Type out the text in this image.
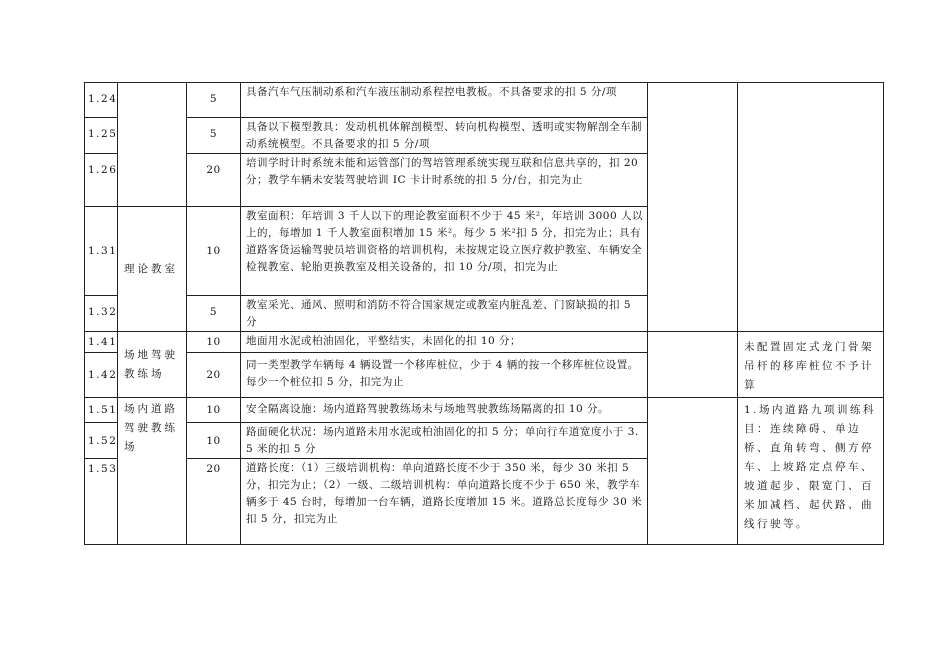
1.24		5	具备汽车气压制动系和汽车液压制动系程控电教板。不具备要求的扣 5 分/项		
1.25		5	具备以下模型教具：发动机机体解剖模型、转向机构模型、透明或实物解剖全车制动系统模型。不具备要求的扣 5 分/项		
1.26		20	培训学时计时系统未能和运管部门的驾培管理系统实现互联和信息共享的，扣 20 分；教学车辆未安装驾驶培训 IC 卡计时系统的扣 5 分/台，扣完为止		
1.31	理论教室	10	教室面积：年培训 3 千人以下的理论教室面积不少于 45 米²，年培训 3000 人以上的，每增加 1 千人教室面积增加 15 米²。每少 5 米²扣 5 分，扣完为止；具有道路客货运输驾驶员培训资格的培训机构，未按规定设立医疗救护教室、车辆安全检视教室、轮胎更换教室及相关设备的，扣 10 分/项，扣完为止		
1.32		5	教室采光、通风、照明和消防不符合国家规定或教室内脏乱差、门窗缺损的扣 5 分		
1.41	场地驾驶教练场	10	地面用水泥或柏油固化，平整结实，未固化的扣 10 分；		未配置固定式龙门骨架吊杆的移库桩位不予计算
1.42		20	同一类型教学车辆每 4 辆设置一个移库桩位，少于 4 辆的按一个移库桩位设置。每少一个桩位扣 5 分，扣完为止		
1.51	场内道路驾驶教练场	10	安全隔离设施：场内道路驾驶教练场未与场地驾驶教练场隔离的扣 10 分。		1.场内道路九项训练科目：连续障碍、单边桥、直角转弯、侧方停车、上坡路定点停车、坡道起步、限宽门、百米加减档、起伏路、曲线行驶等。
1.52		10	路面硬化状况：场内道路未用水泥或柏油固化的扣 5 分；单向行车道宽度小于 3.5 米的扣 5 分		
1.53		20	道路长度：（1）三级培训机构：单向道路长度不少于 350 米，每少 30 米扣 5 分，扣完为止；（2）一级、二级培训机构：单向道路长度不少于 650 米，教学车辆多于 45 台时，每增加一台车辆，道路长度增加 15 米。道路总长度每少 30 米扣 5 分，扣完为止		
